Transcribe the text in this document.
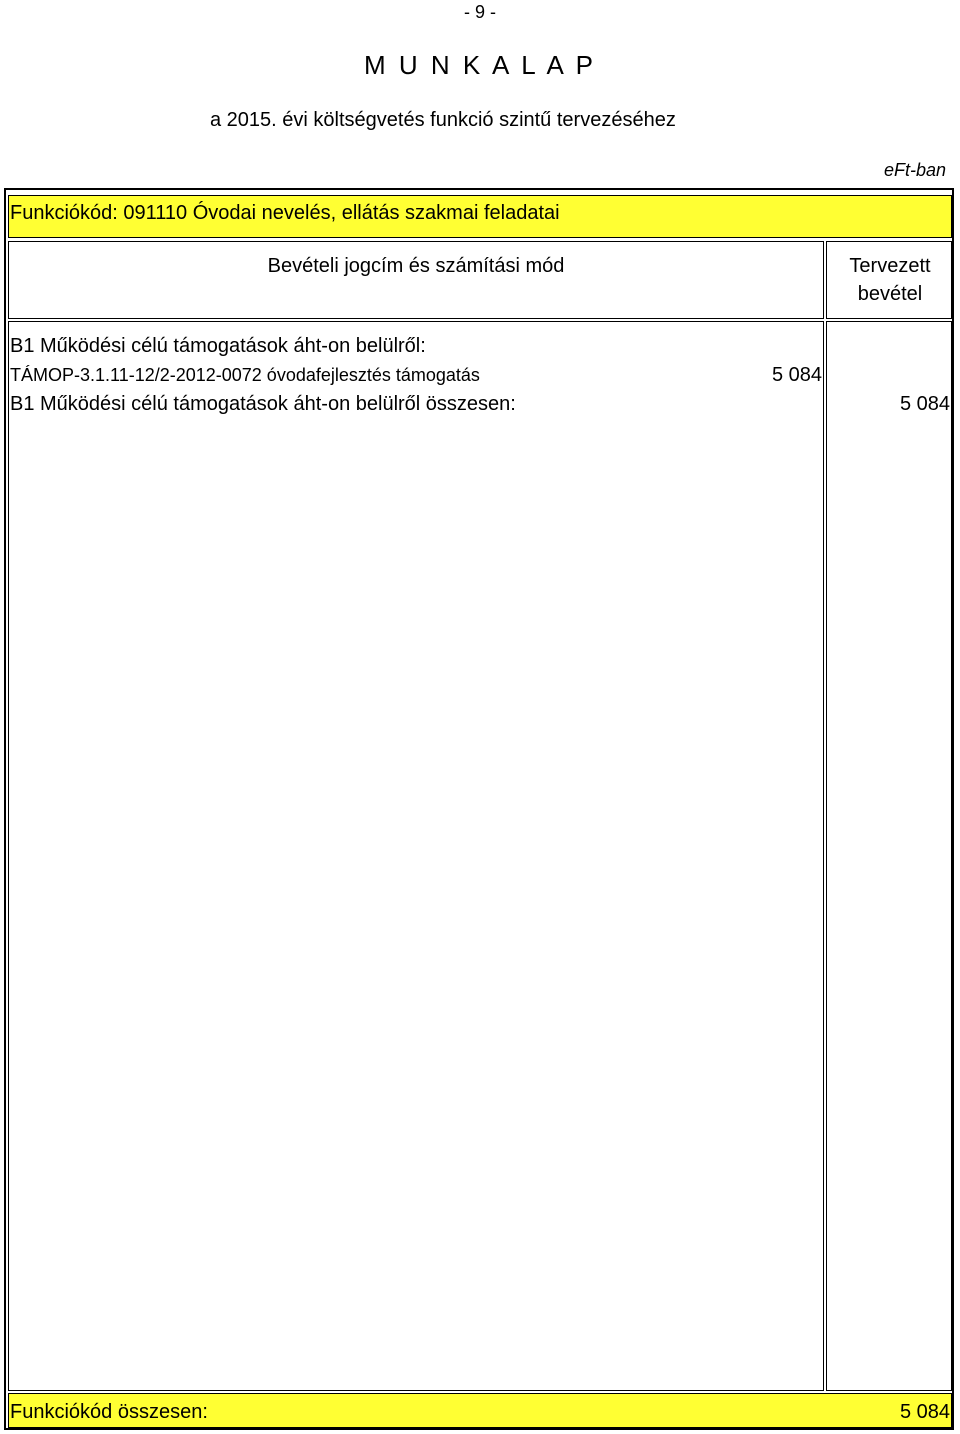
- 9 -
M U N K A L A P
a 2015. évi költségvetés funkció szintű tervezéséhez
eFt-ban
Funkciókód: 091110 Óvodai nevelés, ellátás szakmai feladatai
Bevételi jogcím és számítási mód	Tervezett bevétel
B1 Működési célú támogatások áht-on belülről:
TÁMOP-3.1.11-12/2-2012-0072 óvodafejlesztés támogatás	5 084
B1 Működési célú támogatások áht-on belülről összesen:	5 084
Funkciókód összesen:	5 084
